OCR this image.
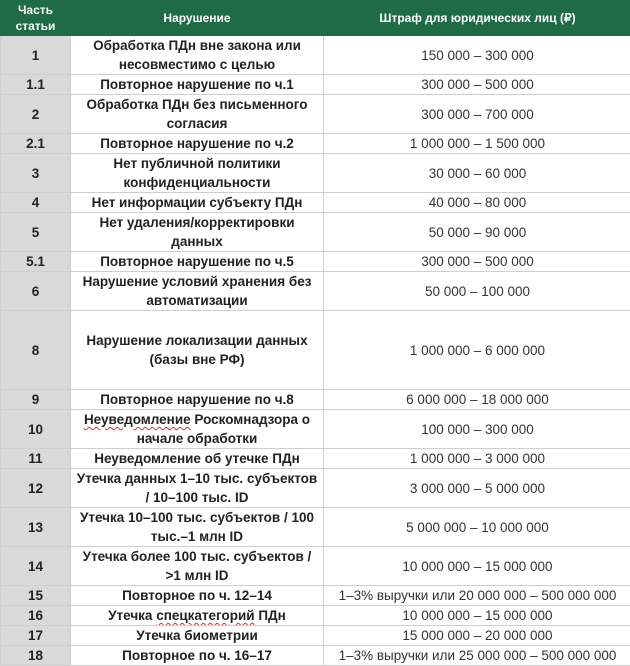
Часть статьи	Нарушение	Штраф для юридических лиц (₽)
1	Обработка ПДн вне закона или несовместимо с целью	150 000 – 300 000
1.1	Повторное нарушение по ч.1	300 000 – 500 000
2	Обработка ПДн без письменного согласия	300 000 – 700 000
2.1	Повторное нарушение по ч.2	1 000 000 – 1 500 000
3	Нет публичной политики конфиденциальности	30 000 – 60 000
4	Нет информации субъекту ПДн	40 000 – 80 000
5	Нет удаления/корректировки данных	50 000 – 90 000
5.1	Повторное нарушение по ч.5	300 000 – 500 000
6	Нарушение условий хранения без автоматизации	50 000 – 100 000
8	Нарушение локализации данных (базы вне РФ)	1 000 000 – 6 000 000
9	Повторное нарушение по ч.8	6 000 000 – 18 000 000
10	Неуведомление Роскомнадзора о начале обработки	100 000 – 300 000
11	Неуведомление об утечке ПДн	1 000 000 – 3 000 000
12	Утечка данных 1–10 тыс. субъектов / 10–100 тыс. ID	3 000 000 – 5 000 000
13	Утечка 10–100 тыс. субъектов / 100 тыс.–1 млн ID	5 000 000 – 10 000 000
14	Утечка более 100 тыс. субъектов / >1 млн ID	10 000 000 – 15 000 000
15	Повторное по ч. 12–14	1–3% выручки или 20 000 000 – 500 000 000
16	Утечка спецкатегорий ПДн	10 000 000 – 15 000 000
17	Утечка биометрии	15 000 000 – 20 000 000
18	Повторное по ч. 16–17	1–3% выручки или 25 000 000 – 500 000 000
